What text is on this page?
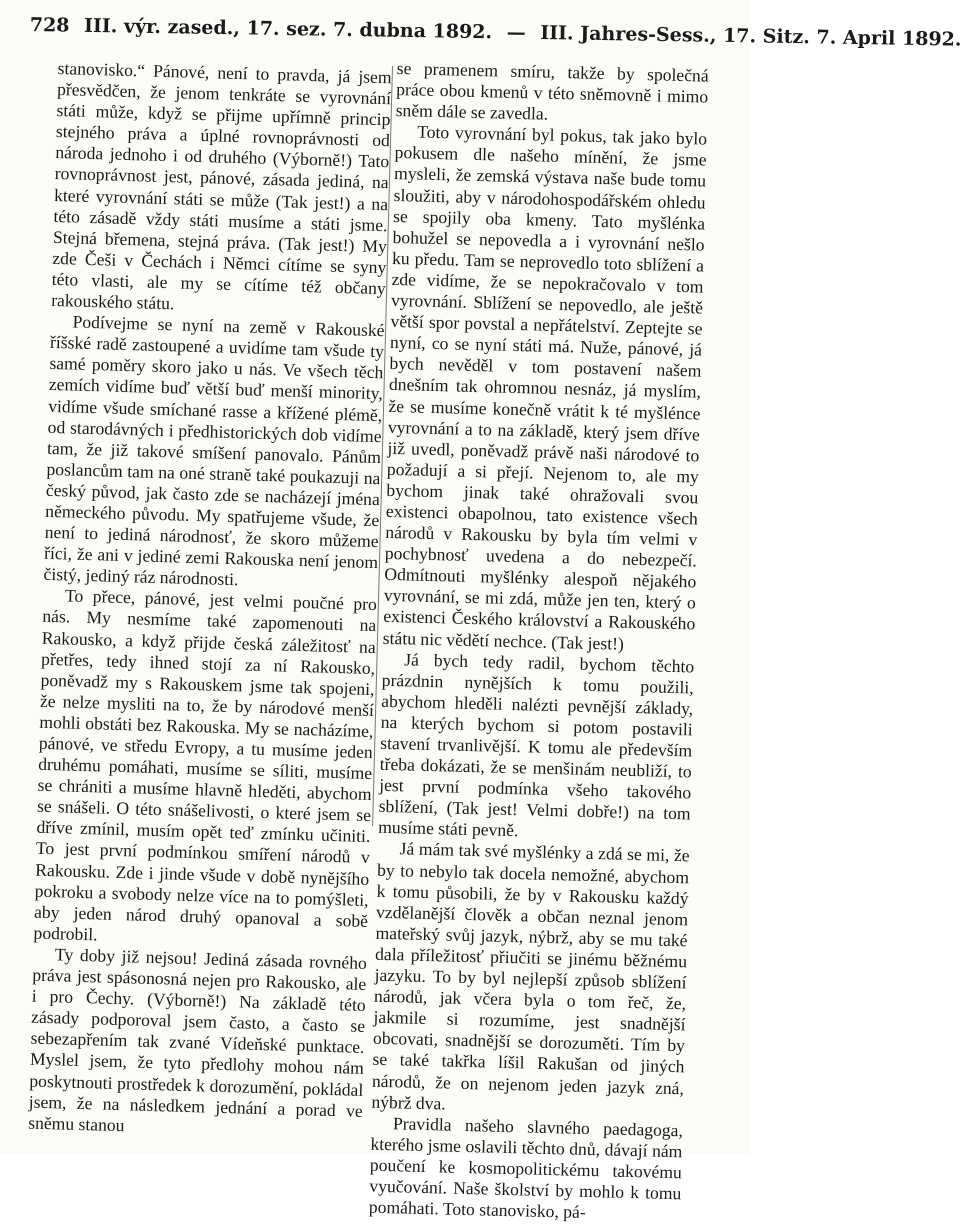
728 III. výr. zased., 17. sez. 7. dubna 1892. — III. Jahres-Sess., 17. Sitz. 7. April 1892.

stanovisko.“ Pánové, není to pravda, já jsem přesvědčen, že jenom tenkráte se vyrovnání státi může, když se přijme upřímně princip stejného práva a úplné rovnoprávnosti od národa jednoho i od druhého (Výborně!) Tato rovnoprávnost jest, pánové, zásada jediná, na které vyrovnání státi se může (Tak jest!) a na této zásadě vždy státi musíme a státi jsme. Stejná břemena, stejná práva. (Tak jest!) My zde Češi v Čechách i Němci cítíme se syny této vlasti, ale my se cítíme též občany rakouského státu.

Podívejme se nyní na země v Rakouské říšské radě zastoupené a uvidíme tam všude ty samé poměry skoro jako u nás. Ve všech těch zemích vidíme buď větší buď menší minority, vidíme všude smíchané rasse a křížené plémě, od starodávných i předhistorických dob vidíme tam, že již takové smíšení panovalo. Pánům poslancům tam na oné straně také poukazuji na český původ, jak často zde se nacházejí jména německého původu. My spatřujeme všude, že není to jediná národnosť, že skoro můžeme říci, že ani v jediné zemi Rakouska není jenom čistý, jediný ráz národnosti.

To přece, pánové, jest velmi poučné pro nás. My nesmíme také zapomenouti na Rakousko, a když přijde česká záležitosť na přetřes, tedy ihned stojí za ní Rakousko, poněvadž my s Rakouskem jsme tak spojeni, že nelze mysliti na to, že by národové menší mohli obstáti bez Rakouska. My se nacházíme, pánové, ve středu Evropy, a tu musíme jeden druhému pomáhati, musíme se síliti, musíme se chrániti a musíme hlavně hleděti, abychom se snášeli. O této snášelivosti, o které jsem se dříve zmínil, musím opět teď zmínku učiniti. To jest první podmínkou smíření národů v Rakousku. Zde i jinde všude v době nynějšího pokroku a svobody nelze více na to pomýšleti, aby jeden národ druhý opanoval a sobě podrobil.

Ty doby již nejsou! Jediná zásada rovného práva jest spásonosná nejen pro Rakousko, ale i pro Čechy. (Výborně!) Na základě této zásady podporoval jsem často, a často se sebezapřením tak zvané Vídeňské punktace. Myslel jsem, že tyto předlohy mohou nám poskytnouti prostředek k dorozumění, pokládal jsem, že na následkem jednání a porad ve sněmu stanou

se pramenem smíru, takže by společná práce obou kmenů v této sněmovně i mimo sněm dále se zavedla.

Toto vyrovnání byl pokus, tak jako bylo pokusem dle našeho mínění, že jsme mysleli, že zemská výstava naše bude tomu sloužiti, aby v národohospodářském ohledu se spojily oba kmeny. Tato myšlénka bohužel se nepovedla a i vyrovnání nešlo ku předu. Tam se neprovedlo toto sblížení a zde vidíme, že se nepokračovalo v tom vyrovnání. Sblížení se nepovedlo, ale ještě větší spor povstal a nepřátelství. Zeptejte se nyní, co se nyní státi má. Nuže, pánové, já bych nevěděl v tom postavení našem dnešním tak ohromnou nesnáz, já myslím, že se musíme konečně vrátit k té myšlénce vyrovnání a to na základě, který jsem dříve již uvedl, poněvadž právě naši národové to požadují a si přejí. Nejenom to, ale my bychom jinak také ohražovali svou existenci obapolnou, tato existence všech národů v Rakousku by byla tím velmi v pochybnosť uvedena a do nebezpečí. Odmítnouti myšlénky alespoň nějakého vyrovnání, se mi zdá, může jen ten, který o existenci Českého království a Rakouského státu nic vědětí nechce. (Tak jest!)

Já bych tedy radil, bychom těchto prázdnin nynějších k tomu použili, abychom hleděli nalézti pevnější základy, na kterých bychom si potom postavili stavení trvanlivější. K tomu ale především třeba dokázati, že se menšinám neubliží, to jest první podmínka všeho takového sblížení, (Tak jest! Velmi dobře!) na tom musíme státi pevně.

Já mám tak své myšlénky a zdá se mi, že by to nebylo tak docela nemožné, abychom k tomu působili, že by v Rakousku každý vzdělanější člověk a občan neznal jenom mateřský svůj jazyk, nýbrž, aby se mu také dala příležitosť přiučiti se jinému běžnému jazyku. To by byl nejlepší způsob sblížení národů, jak včera byla o tom řeč, že, jakmile si rozumíme, jest snadnější obcovati, snadnější se dorozuměti. Tím by se také takřka líšil Rakušan od jiných národů, že on nejenom jeden jazyk zná, nýbrž dva.

Pravidla našeho slavného paedagoga, kterého jsme oslavili těchto dnů, dávají nám poučení ke kosmopolitickému takovému vyučování. Naše školství by mohlo k tomu pomáhati. Toto stanovisko, pá-
